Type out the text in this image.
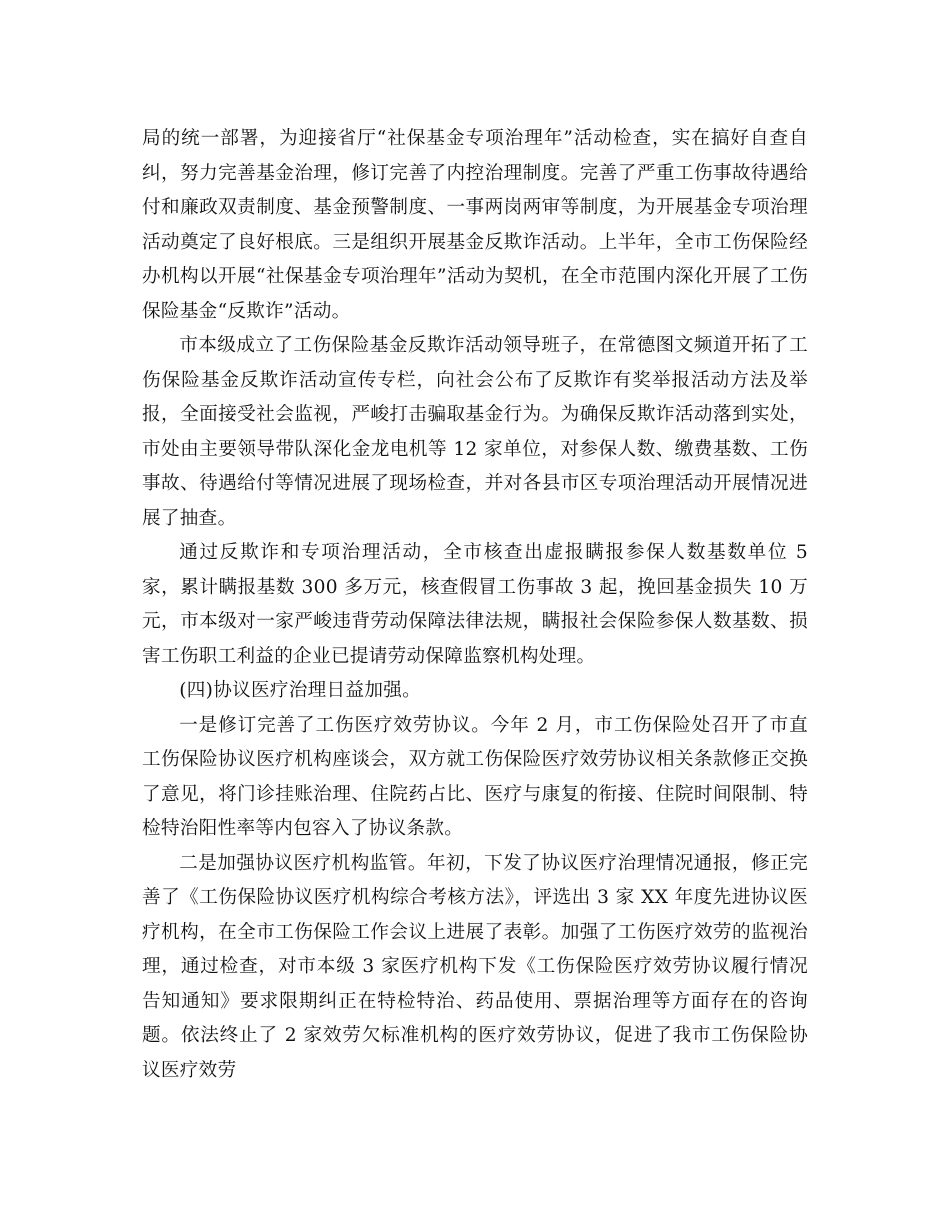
局的统一部署，为迎接省厅“社保基金专项治理年”活动检查，实在搞好自查自纠，努力完善基金治理，修订完善了内控治理制度。完善了严重工伤事故待遇给付和廉政双责制度、基金预警制度、一事两岗两审等制度，为开展基金专项治理活动奠定了良好根底。三是组织开展基金反欺诈活动。上半年，全市工伤保险经办机构以开展“社保基金专项治理年”活动为契机，在全市范围内深化开展了工伤保险基金“反欺诈”活动。

市本级成立了工伤保险基金反欺诈活动领导班子，在常德图文频道开拓了工伤保险基金反欺诈活动宣传专栏，向社会公布了反欺诈有奖举报活动方法及举报，全面接受社会监视，严峻打击骗取基金行为。为确保反欺诈活动落到实处，市处由主要领导带队深化金龙电机等 12 家单位，对参保人数、缴费基数、工伤事故、待遇给付等情况进展了现场检查，并对各县市区专项治理活动开展情况进展了抽查。

通过反欺诈和专项治理活动，全市核查出虚报瞒报参保人数基数单位 5 家，累计瞒报基数 300 多万元，核查假冒工伤事故 3 起，挽回基金损失 10 万元，市本级对一家严峻违背劳动保障法律法规，瞒报社会保险参保人数基数、损害工伤职工利益的企业已提请劳动保障监察机构处理。

(四)协议医疗治理日益加强。

一是修订完善了工伤医疗效劳协议。今年 2 月，市工伤保险处召开了市直工伤保险协议医疗机构座谈会，双方就工伤保险医疗效劳协议相关条款修正交换了意见，将门诊挂账治理、住院药占比、医疗与康复的衔接、住院时间限制、特检特治阳性率等内包容入了协议条款。

二是加强协议医疗机构监管。年初，下发了协议医疗治理情况通报，修正完善了《工伤保险协议医疗机构综合考核方法》，评选出 3 家 XX 年度先进协议医疗机构，在全市工伤保险工作会议上进展了表彰。加强了工伤医疗效劳的监视治理，通过检查，对市本级 3 家医疗机构下发《工伤保险医疗效劳协议履行情况告知通知》要求限期纠正在特检特治、药品使用、票据治理等方面存在的咨询题。依法终止了 2 家效劳欠标准机构的医疗效劳协议，促进了我市工伤保险协议医疗效劳
